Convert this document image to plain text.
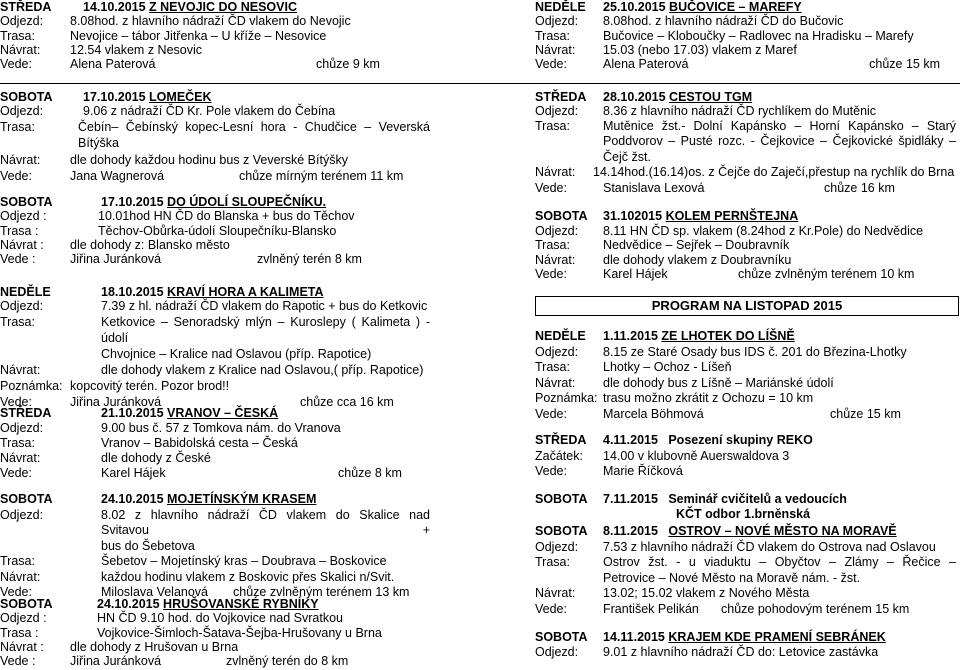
STŘEDA	14.10.2015 Z NEVOJIC DO NESOVIC
Odjezd:	8.08hod. z hlavního nádraží ČD vlakem do Nevojic
Trasa:	Nevojice – tábor Jitřenka – U kříže – Nesovice
Návrat:	12.54 vlakem z Nesovic
Vede:	Alena Paterová	chůze 9 km
SOBOTA	17.10.2015 LOMEČEK
Odjezd:	9.06 z nádraží ČD Kr. Pole vlakem do Čebína
Trasa:	Čebín– Čebínský kopec-Lesní hora - Chudčice – Veverská
Bítýška
Návrat:	dle dohody každou hodinu bus z Veverské Bítýšky
Vede:	Jana Wagnerová	chůze mírným terénem 11 km
SOBOTA	17.10.2015 DO ÚDOLÍ SLOUPEČNÍKU.
Odjezd :	10.01hod HN ČD do Blanska + bus do Těchov
Trasa :	Těchov-Obůrka-údolí Sloupečníku-Blansko
Návrat :	dle dohody z: Blansko město
Vede :	Jiřina Juránková	zvlněný terén 8 km
NEDĚLE	18.10.2015 KRAVÍ HORA A KALIMETA
Odjezd:	7.39 z hl. nádraží ČD vlakem do Rapotic + bus do Ketkovic
Trasa:	Ketkovice – Senoradský mlýn – Kuroslepy ( Kalimeta ) - údolí
Chvojnice – Kralice nad Oslavou (příp. Rapotice)
Návrat:	dle dohody vlakem z Kralice nad Oslavou,( příp. Rapotice)
Poznámka: kopcovitý terén. Pozor brod!!
Vede:	Jiřina Juránková	chůze cca 16 km
STŘEDA	21.10.2015 VRANOV – ČESKÁ
Odjezd:	9.00 bus č. 57 z Tomkova nám. do Vranova
Trasa:	Vranov – Babidolská cesta – Česká
Návrat:	dle dohody z České
Vede:	Karel Hájek	chůze 8 km
SOBOTA	24.10.2015 MOJETÍNSKÝM KRASEM
Odjezd:	8.02 z hlavního nádraží ČD vlakem do Skalice nad Svitavou +
bus do Šebetova
Trasa:	Šebetov – Mojetínský kras – Doubrava – Boskovice
Návrat:	každou hodinu vlakem z Boskovic přes Skalici n/Svit.
Vede:	Miloslava Velanová chůze zvlněným terénem 13 km
SOBOTA	24.10.2015 HRUŠOVANSKÉ RYBNÍKY
Odjezd :	HN ČD 9.10 hod. do Vojkovice nad Svratkou
Trasa :	Vojkovice-Šimloch-Šatava-Šejba-Hrušovany u Brna
Návrat :	dle dohody z Hrušovan u Brna
Vede :	Jiřina Juránková	zvlněný terén do 8 km
NEDĚLE	25.10.2015 BUČOVICE – MAREFY
Odjezd:	8.08hod. z hlavního nádraží ČD do Bučovic
Trasa:	Bučovice – Kloboučky – Radlovec na Hradisku – Marefy
Návrat:	15.03 (nebo 17.03) vlakem z Maref
Vede:	Alena Paterová	chůze 15 km
STŘEDA	28.10.2015 CESTOU TGM
Odjezd:	8.36 z hlavního nádraží ČD rychlíkem do Mutěnic
Trasa:	Mutěnice žst.- Dolní Kapánsko – Horní Kapánsko – Starý
Poddvorov – Pusté rozc. - Čejkovice – Čejkovické špidláky –
Čejč žst.
Návrat:	14.14hod.(16.14)os. z Čejče do Zaječí,přestup na rychlík do Brna
Vede:	Stanislava Lexová	chůze 16 km
SOBOTA	31.102015 KOLEM PERNŠTEJNA
Odjezd:	8.11 HN ČD sp. vlakem (8.24hod z Kr.Pole) do Nedvědice
Trasa:	Nedvědice – Sejřek – Doubravník
Návrat:	dle dohody vlakem z Doubravníku
Vede:	Karel Hájek	chůze zvlněným terénem 10 km
PROGRAM NA LISTOPAD 2015
NEDĚLE	1.11.2015 ZE LHOTEK DO LÍŠNĚ
Odjezd:	8.15 ze Staré Osady bus IDS č. 201 do Březina-Lhotky
Trasa:	Lhotky – Ochoz - Líšeň
Návrat:	dle dohody bus z Líšně – Mariánské údolí
Poznámka: trasu možno zkrátit z Ochozu = 10 km
Vede:	Marcela Böhmová	chůze 15 km
STŘEDA	4.11.2015 Posezení skupiny REKO
Začátek:	14.00 v klubovně Auerswaldova 3
Vede:	Marie Říčková
SOBOTA	7.11.2015 Seminář cvičitelů a vedoucích
KČT odbor 1.brněnská
SOBOTA	8.11.2015 OSTROV – NOVÉ MĚSTO NA MORAVĚ
Odjezd:	7.53 z hlavního nádraží ČD vlakem do Ostrova nad Oslavou
Trasa:	Ostrov žst. - u viaduktu – Obyčtov – Zlámy – Řečice –
Petrovice – Nové Město na Moravě nám. - žst.
Návrat:	13.02; 15.02 vlakem z Nového Města
Vede:	František Pelikán chůze pohodovým terénem 15 km
SOBOTA	14.11.2015 KRAJEM KDE PRAMENÍ SEBRÁNEK
Odjezd:	9.01 z hlavního nádraží ČD do: Letovice zastávka
